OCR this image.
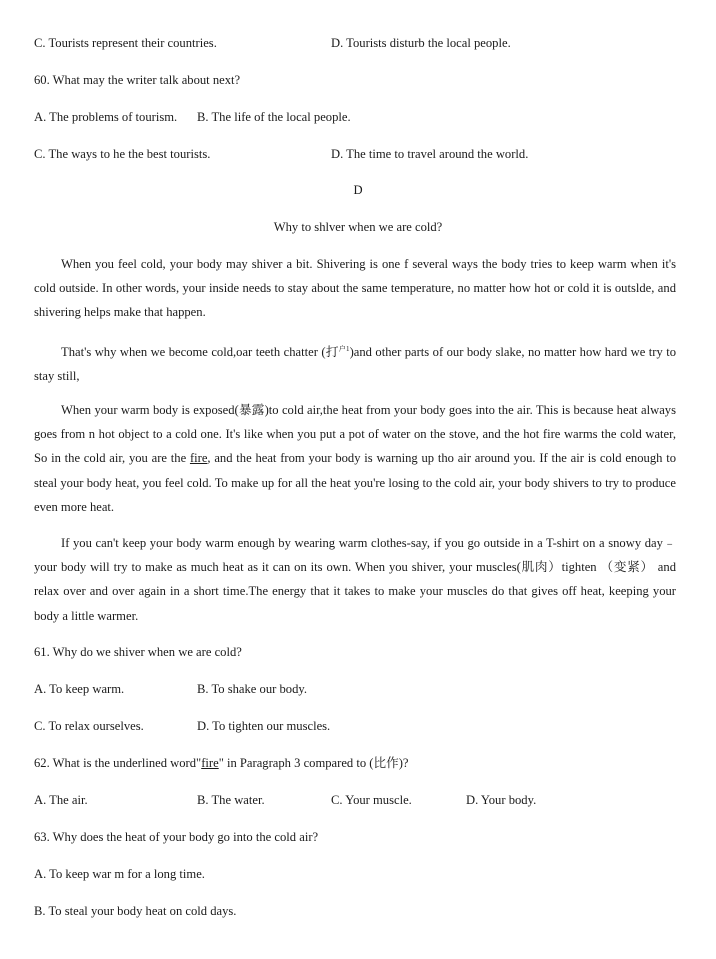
C. Tourists represent their countries.	D. Tourists disturb the local people.
60. What may the writer talk about next?
A. The problems of tourism. B. The life of the local people.
C. The ways to he the best tourists.	D. The time to travel around the world.
D
Why to shlver when we are cold?

When you feel cold, your body may shiver a bit. Shivering is one f several ways the body tries to keep warm when it's cold outside. In other words, your inside needs to stay about the same temperature, no matter how hot or cold it is outslde, and shivering helps make that happen.

That's why when we become cold,oar teeth chatter (打$^{户1}$)and other parts of our body slake, no matter how hard we try to stay still,

When your warm body is exposed(暴露)to cold air,the heat from your body goes into the air. This is because heat always goes from n hot object to a cold one. It's like when you put a pot of water on the stove, and the hot fire warms the cold water, So in the cold air, you are the fire, and the heat from your body is warning up tho air around you. If the air is cold enough to steal your body heat, you feel cold. To make up for all the heat you're losing to the cold air, your body shivers to try to produce even more heat.

If you can't keep your body warm enough by wearing warm clothes-say, if you go outside in a T-shirt on a snowy day﹣your body will try to make as much heat as it can on its own. When you shiver, your muscles(肌肉）tighten （变紧） and relax over and over again in a short time.The energy that it takes to make your muscles do that gives off heat, keeping your body a little warmer.

61. Why do we shiver when we are cold?
A. To keep warm.	B. To shake our body.
C. To relax ourselves.	D. To tighten our muscles.
62. What is the underlined word"fire" in Paragraph 3 compared to (比作)?
A. The air.	B. The water.	C. Your muscle.	D. Your body.
63. Why does the heat of your body go into the cold air?
A. To keep war m for a long time.
B. To steal your body heat on cold days.
